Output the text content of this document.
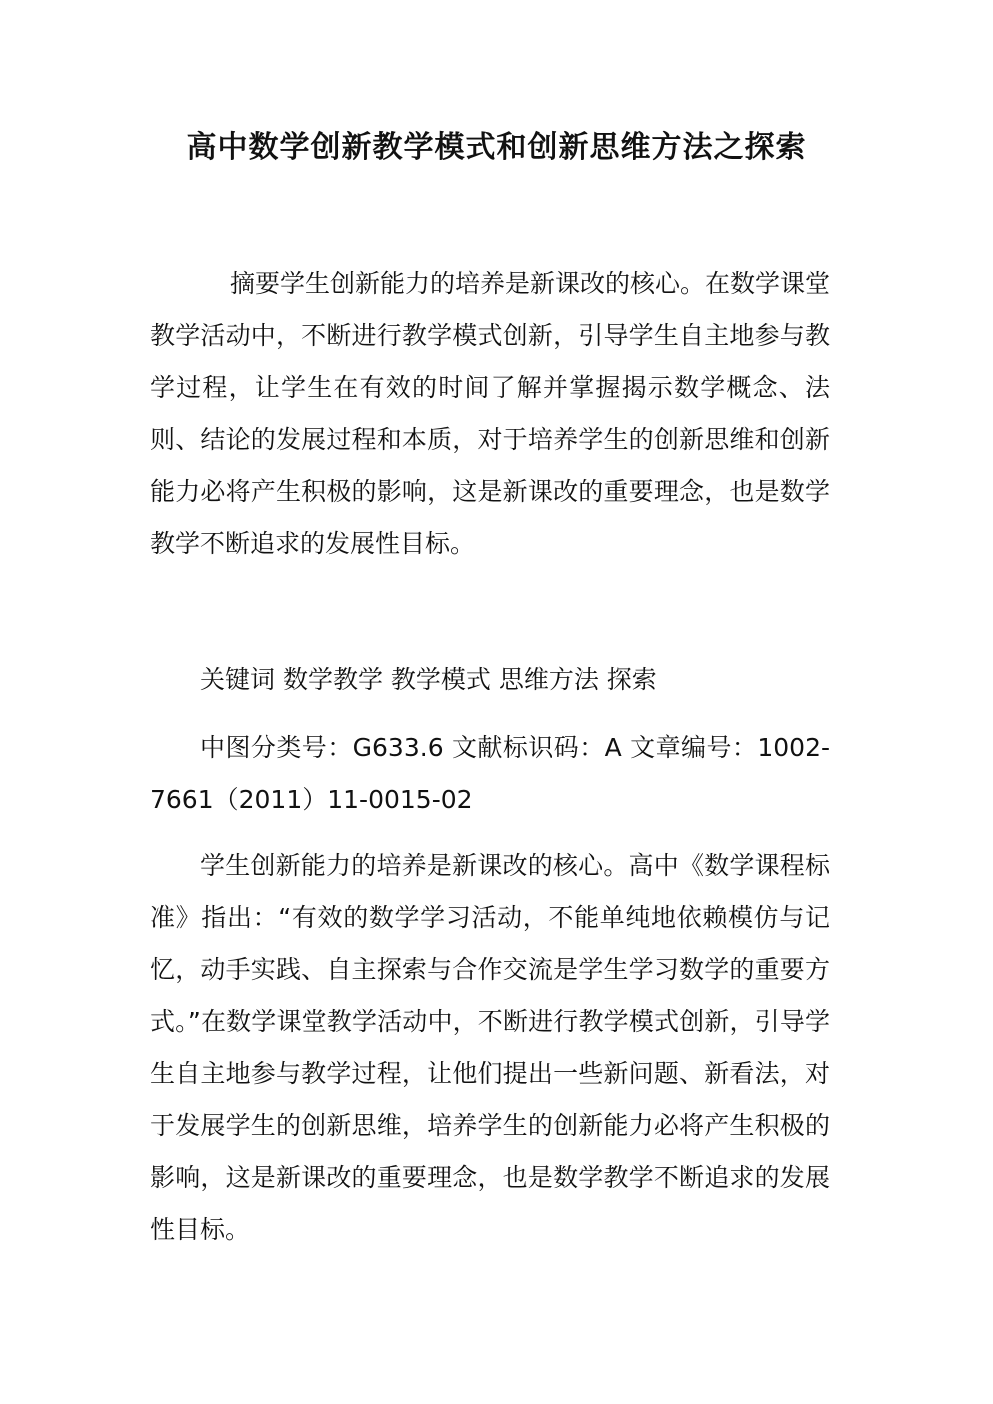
高中数学创新教学模式和创新思维方法之探索

摘要学生创新能力的培养是新课改的核心。在数学课堂教学活动中，不断进行教学模式创新，引导学生自主地参与教学过程，让学生在有效的时间了解并掌握揭示数学概念、法则、结论的发展过程和本质，对于培养学生的创新思维和创新能力必将产生积极的影响，这是新课改的重要理念，也是数学教学不断追求的发展性目标。

关键词 数学教学 教学模式 思维方法 探索

中图分类号：G633.6 文献标识码：A 文章编号：1002-7661（2011）11-0015-02

学生创新能力的培养是新课改的核心。高中《数学课程标准》指出：“有效的数学学习活动，不能单纯地依赖模仿与记忆，动手实践、自主探索与合作交流是学生学习数学的重要方式。”在数学课堂教学活动中，不断进行教学模式创新，引导学生自主地参与教学过程，让他们提出一些新问题、新看法，对于发展学生的创新思维，培养学生的创新能力必将产生积极的影响，这是新课改的重要理念，也是数学教学不断追求的发展性目标。
